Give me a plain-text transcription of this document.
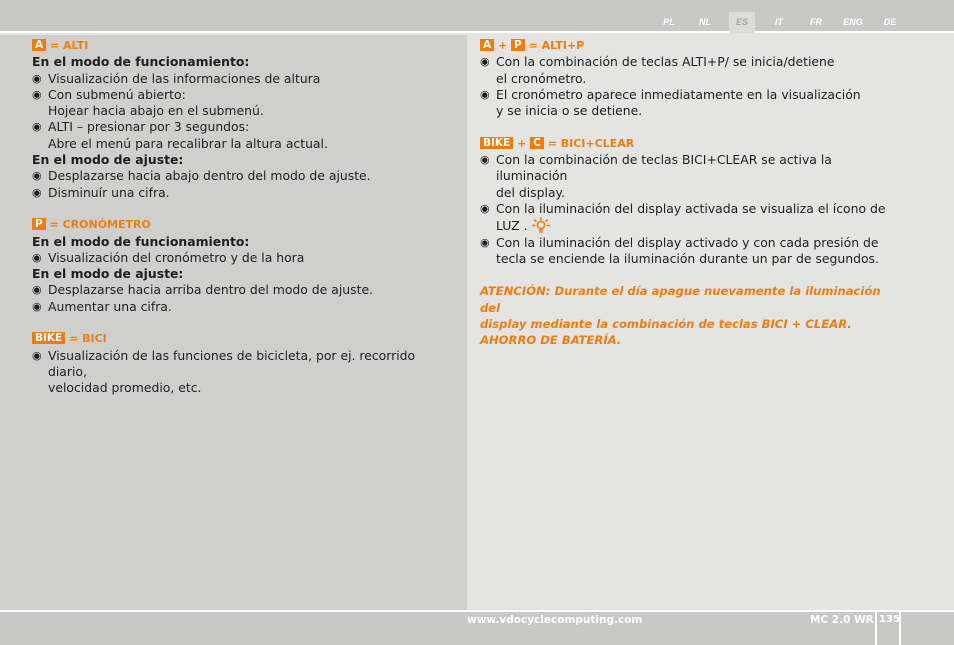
PL	NL	ES	IT	FR	ENG	DE
A = ALTI
En el modo de funcionamiento:
◉ Visualización de las informaciones de altura
◉ Con submenú abierto:
Hojear hacia abajo en el submenú.
◉ ALTI – presionar por 3 segundos:
Abre el menú para recalibrar la altura actual.
En el modo de ajuste:
◉ Desplazarse hacia abajo dentro del modo de ajuste.
◉ Disminuír una cifra.
P = CRONÓMETRO
En el modo de funcionamiento:
◉ Visualización del cronómetro y de la hora
En el modo de ajuste:
◉ Desplazarse hacia arriba dentro del modo de ajuste.
◉ Aumentar una cifra.
BIKE = BICI
◉ Visualización de las funciones de bicicleta, por ej. recorrido diario,
velocidad promedio, etc.
A + P = ALTI+P
◉ Con la combinación de teclas ALTI+P/ se inicia/detiene
el cronómetro.
◉ El cronómetro aparece inmediatamente en la visualización
y se inicia o se detiene.
BIKE + C = BICI+CLEAR
◉ Con la combinación de teclas BICI+CLEAR se activa la iluminación
del display.
◉ Con la iluminación del display activada se visualiza el ícono de
LUZ .
◉ Con la iluminación del display activado y con cada presión de
tecla se enciende la iluminación durante un par de segundos.
ATENCIÓN: Durante el día apague nuevamente la iluminación del
display mediante la combinación de teclas BICI + CLEAR.
AHORRO DE BATERÍA.
www.vdocyclecomputing.com	MC 2.0 WR 135
